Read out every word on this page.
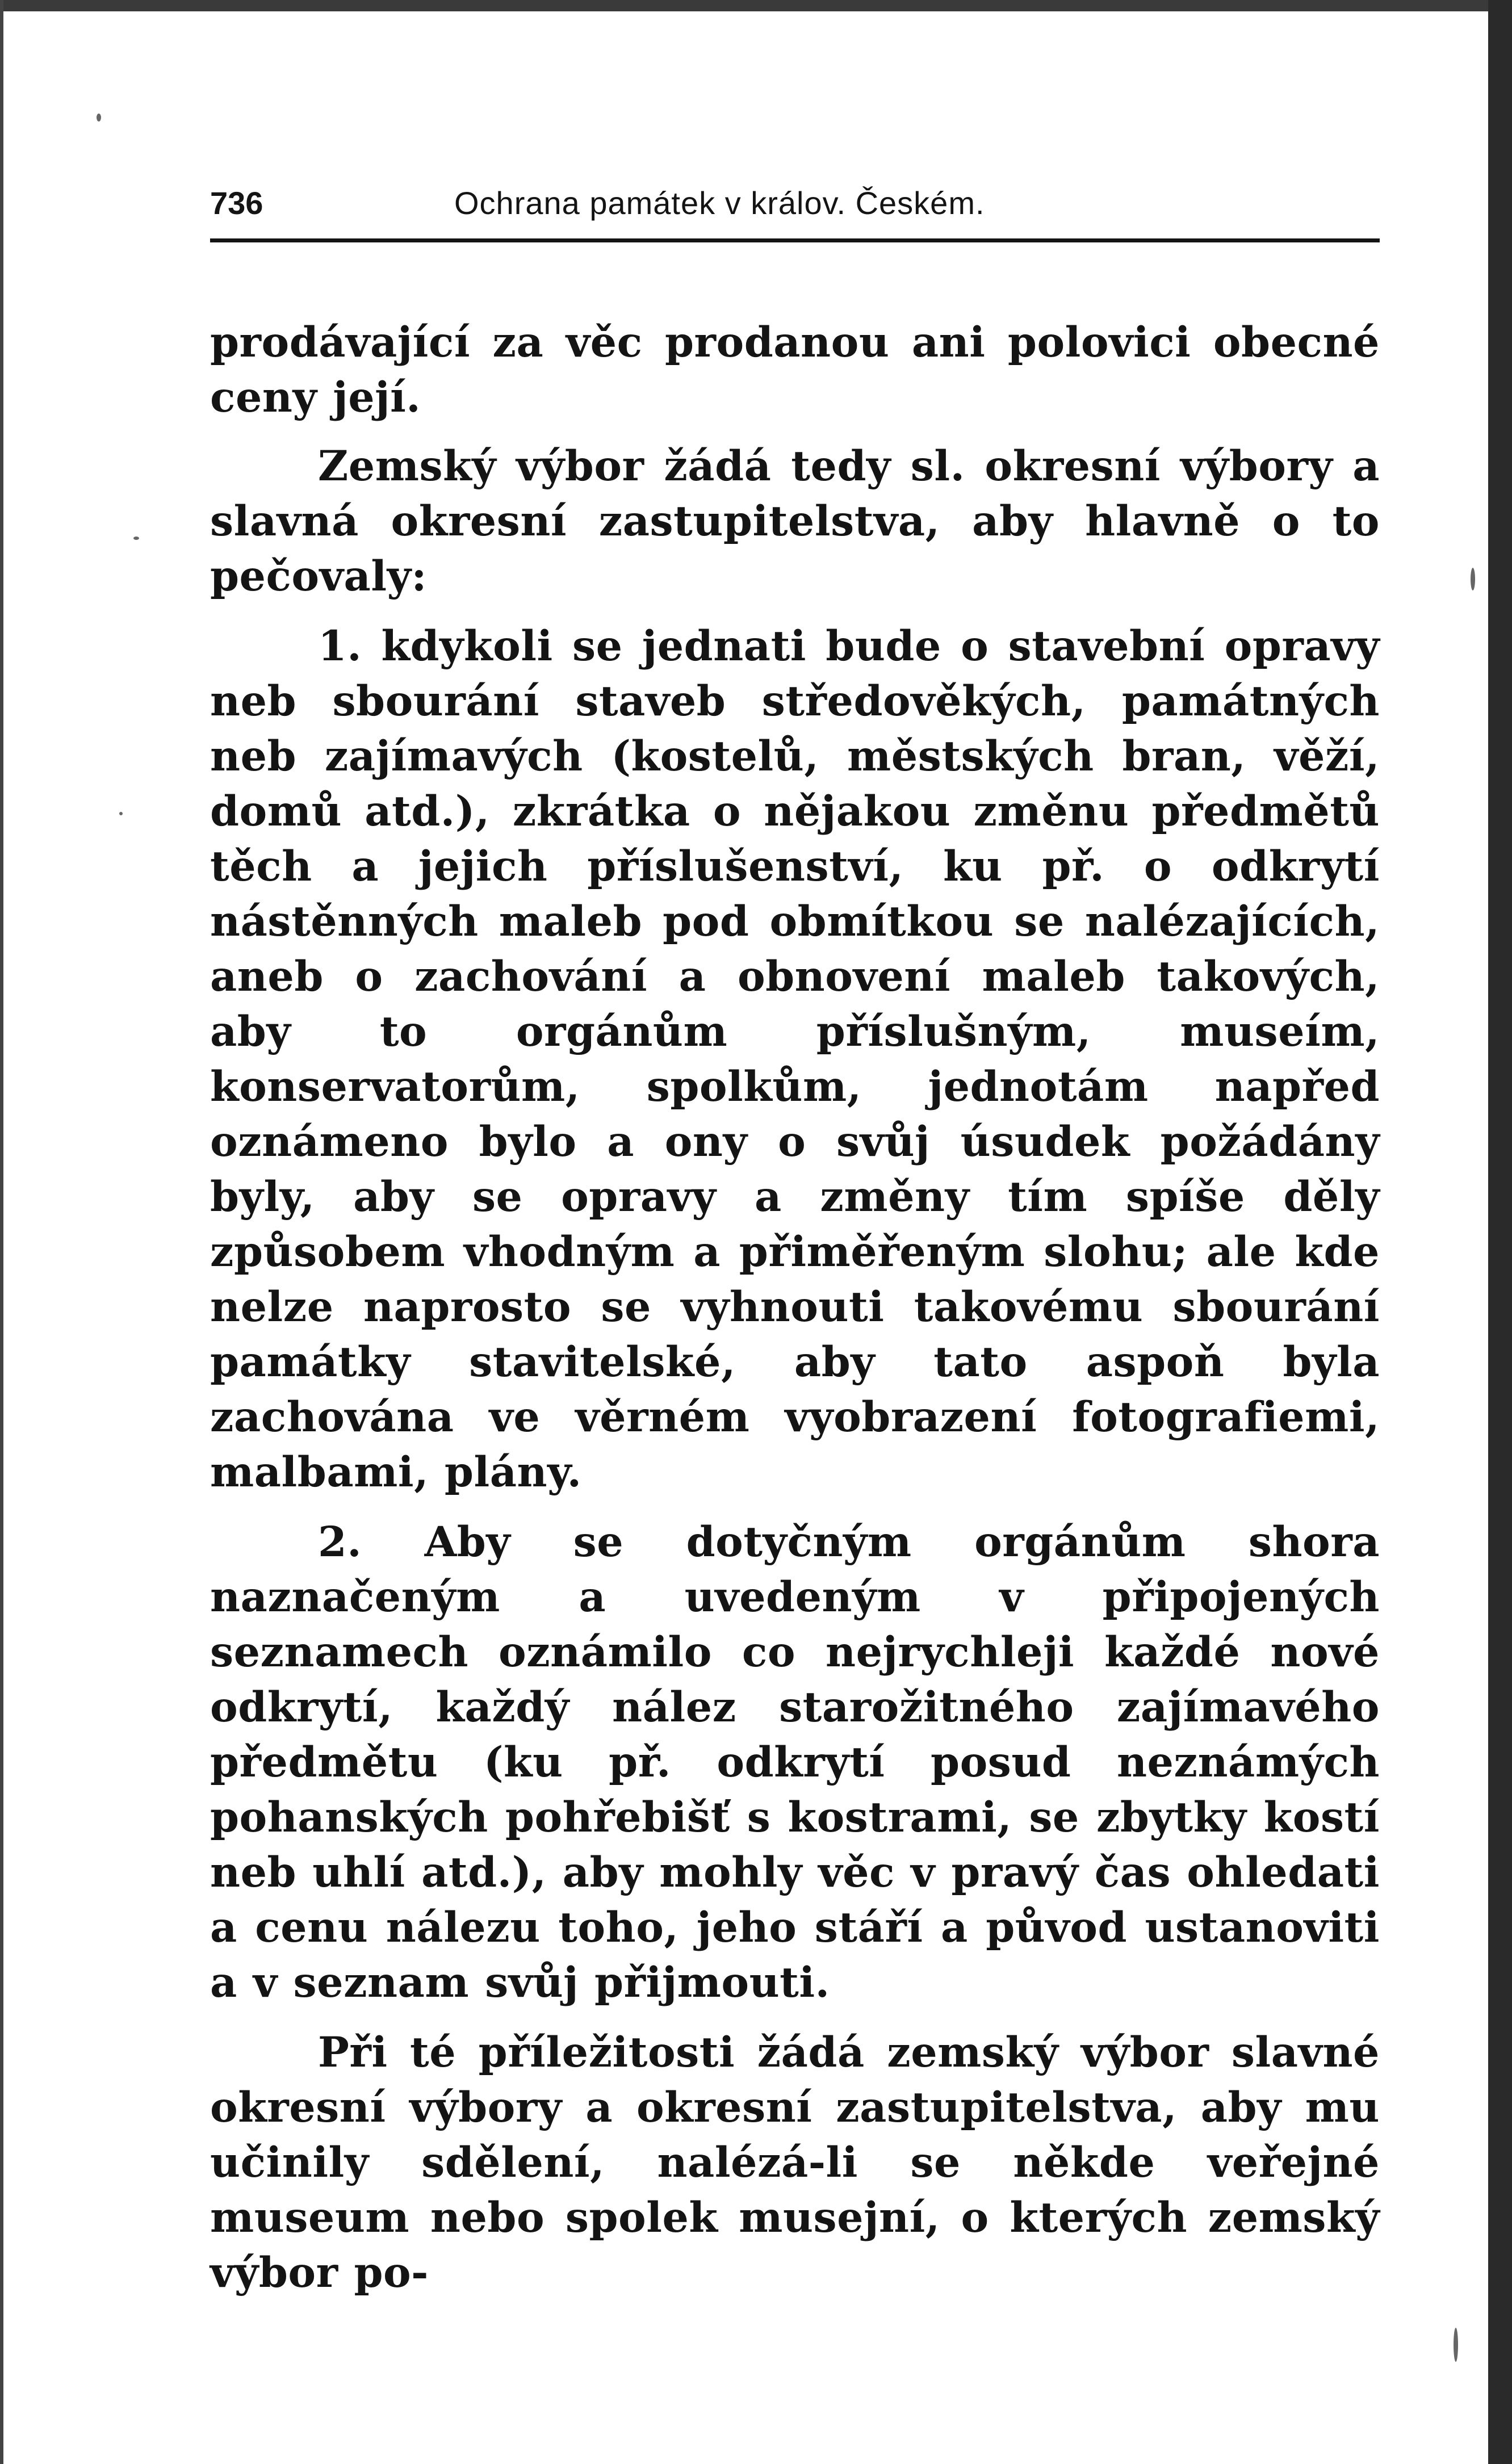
736	Ochrana památek v králov. Českém.

prodávající za věc prodanou ani polovici obecné ceny její.

Zemský výbor žádá tedy sl. okresní výbory a slavná okresní zastupitelstva, aby hlavně o to pečovaly:

1. kdykoli se jednati bude o stavební opravy neb sbourání staveb středověkých, památných neb zajímavých (kostelů, městských bran, věží, domů atd.), zkrátka o nějakou změnu předmětů těch a jejich příslušenství, ku př. o odkrytí nástěnných maleb pod obmítkou se nalézajících, aneb o zachování a obnovení maleb takových, aby to orgánům příslušným, museím, konservatorům, spolkům, jednotám napřed oznámeno bylo a ony o svůj úsudek požádány byly, aby se opravy a změny tím spíše děly způsobem vhodným a přiměřeným slohu; ale kde nelze naprosto se vyhnouti takovému sbourání památky stavitelské, aby tato aspoň byla zachována ve věrném vyobrazení fotografiemi, malbami, plány.

2. Aby se dotyčným orgánům shora naznačeným a uvedeným v připojených seznamech oznámilo co nejrychleji každé nové odkrytí, každý nález starožitného zajímavého předmětu (ku př. odkrytí posud neznámých pohanských pohřebišť s kostrami, se zbytky kostí neb uhlí atd.), aby mohly věc v pravý čas ohledati a cenu nálezu toho, jeho stáří a původ ustanoviti a v seznam svůj přijmouti.

Při té příležitosti žádá zemský výbor slavné okresní výbory a okresní zastupitelstva, aby mu učinily sdělení, nalézá-li se někde veřejné museum nebo spolek musejní, o kterých zemský výbor po-
